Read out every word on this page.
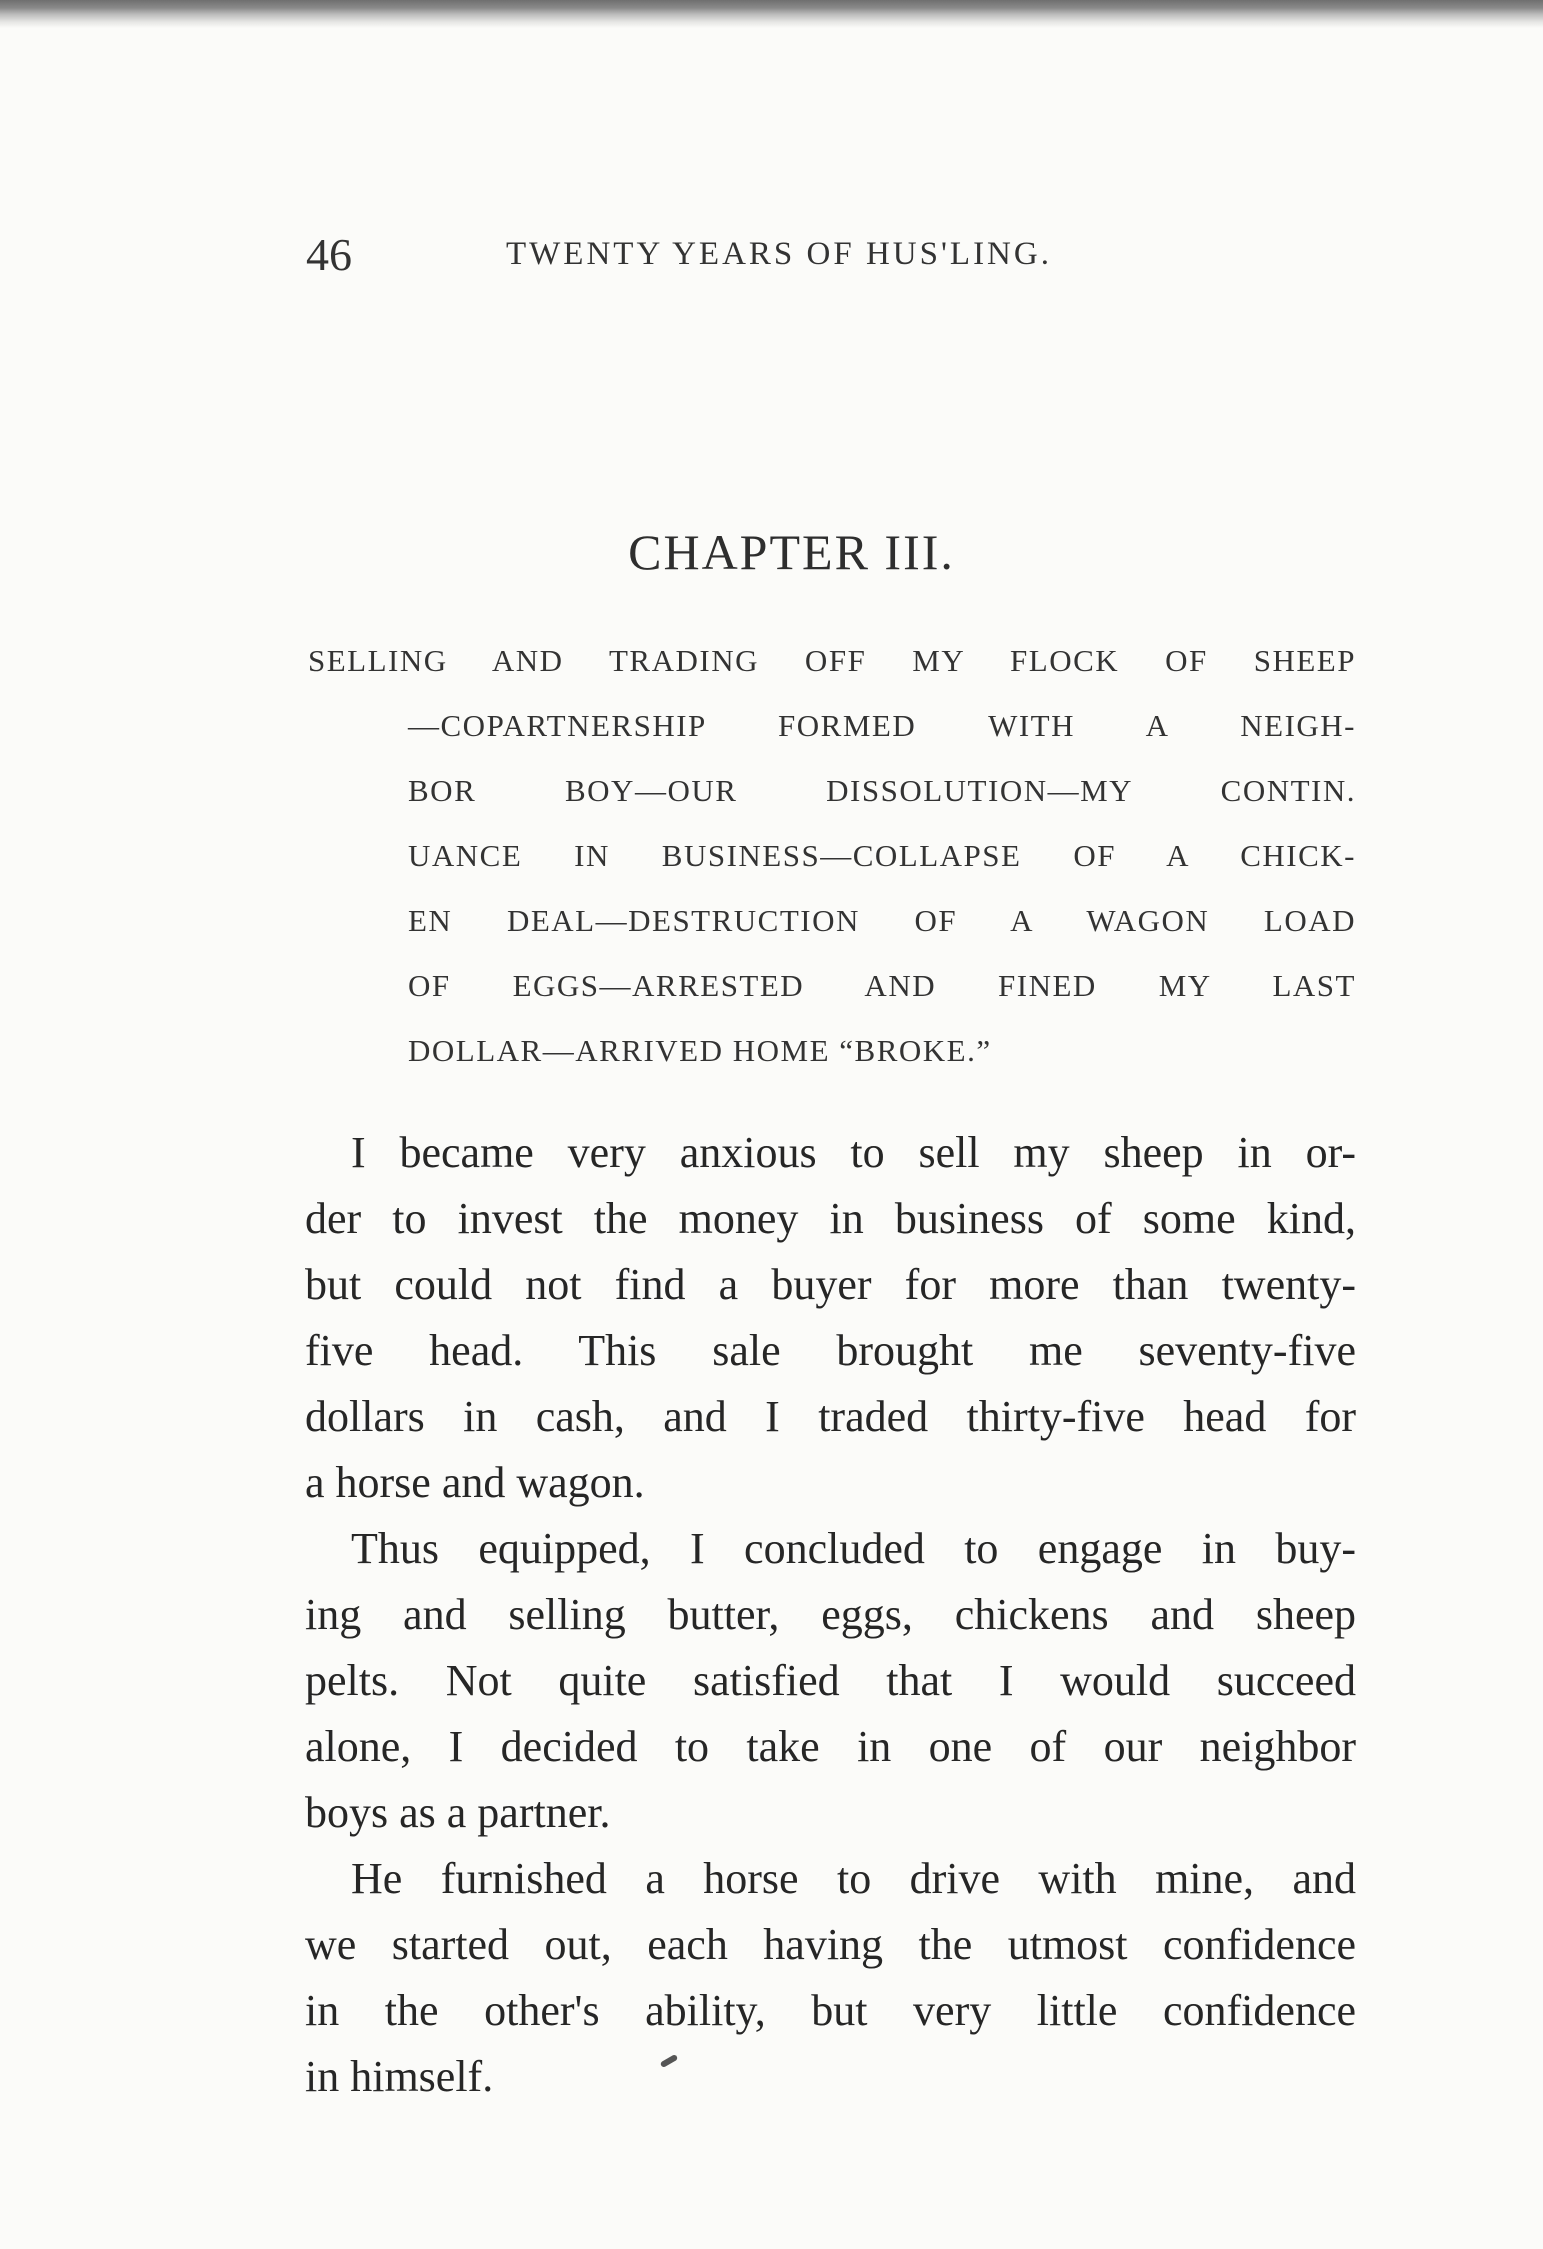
46	TWENTY YEARS OF HUS'LING.
CHAPTER III.
SELLING AND TRADING OFF MY FLOCK OF SHEEP
—COPARTNERSHIP FORMED WITH A NEIGH-
BOR BOY—OUR DISSOLUTION—MY CONTIN.
UANCE IN BUSINESS—COLLAPSE OF A CHICK-
EN DEAL—DESTRUCTION OF A WAGON LOAD
OF EGGS—ARRESTED AND FINED MY LAST
DOLLAR—ARRIVED HOME “BROKE.”
I became very anxious to sell my sheep in or-
der to invest the money in business of some kind,
but could not find a buyer for more than twenty-
five head. This sale brought me seventy-five
dollars in cash, and I traded thirty-five head for
a horse and wagon.
Thus equipped, I concluded to engage in buy-
ing and selling butter, eggs, chickens and sheep
pelts. Not quite satisfied that I would succeed
alone, I decided to take in one of our neighbor
boys as a partner.
He furnished a horse to drive with mine, and
we started out, each having the utmost confidence
in the other's ability, but very little confidence
in himself.
